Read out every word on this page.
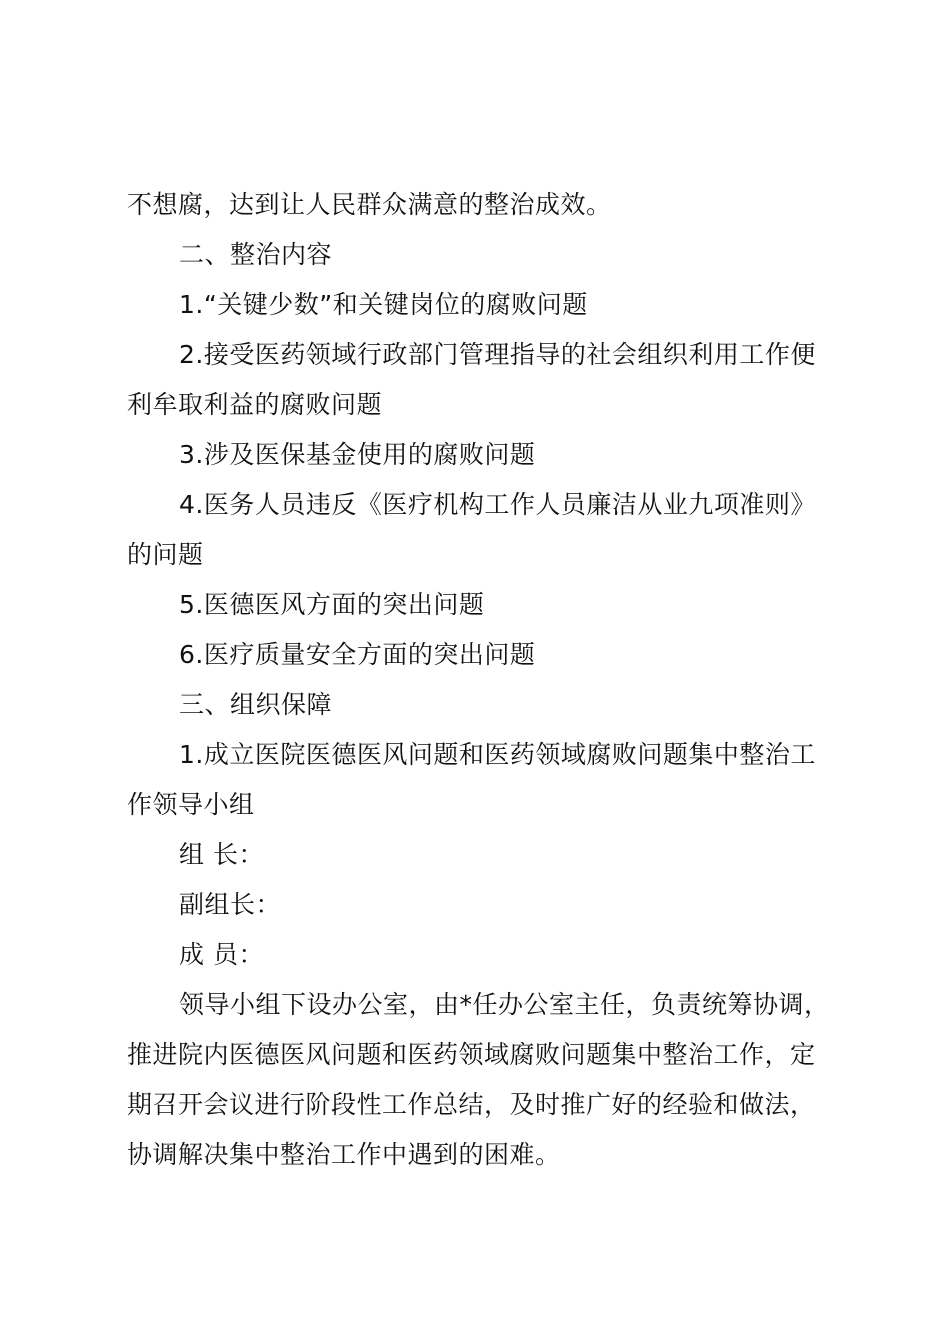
不想腐，达到让人民群众满意的整治成效。

二、整治内容

1.“关键少数”和关键岗位的腐败问题

2.接受医药领域行政部门管理指导的社会组织利用工作便

利牟取利益的腐败问题

3.涉及医保基金使用的腐败问题

4.医务人员违反《医疗机构工作人员廉洁从业九项准则》

的问题

5.医德医风方面的突出问题

6.医疗质量安全方面的突出问题

三、组织保障

1.成立医院医德医风问题和医药领域腐败问题集中整治工

作领导小组

组 长：

副组长：

成 员：

领导小组下设办公室，由*任办公室主任，负责统筹协调，

推进院内医德医风问题和医药领域腐败问题集中整治工作，定

期召开会议进行阶段性工作总结，及时推广好的经验和做法，

协调解决集中整治工作中遇到的困难。
